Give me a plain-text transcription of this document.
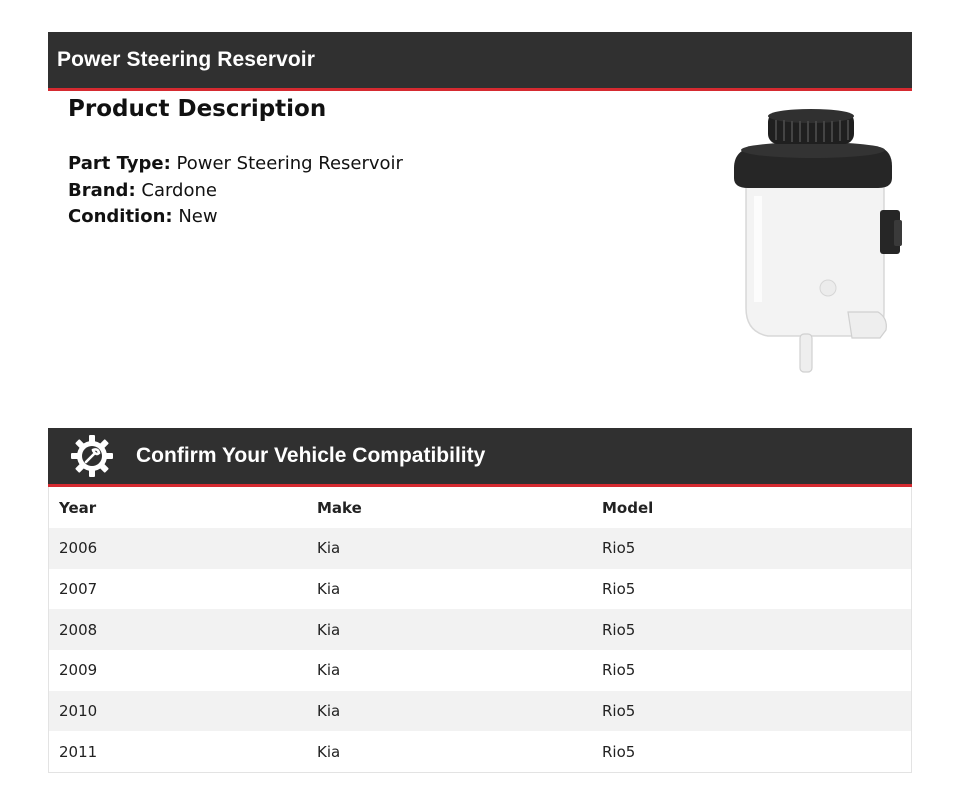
Power Steering Reservoir
Product Description
Part Type: Power Steering Reservoir
Brand: Cardone
Condition: New
Confirm Your Vehicle Compatibility
Year	Make	Model
2006	Kia	Rio5
2007	Kia	Rio5
2008	Kia	Rio5
2009	Kia	Rio5
2010	Kia	Rio5
2011	Kia	Rio5
